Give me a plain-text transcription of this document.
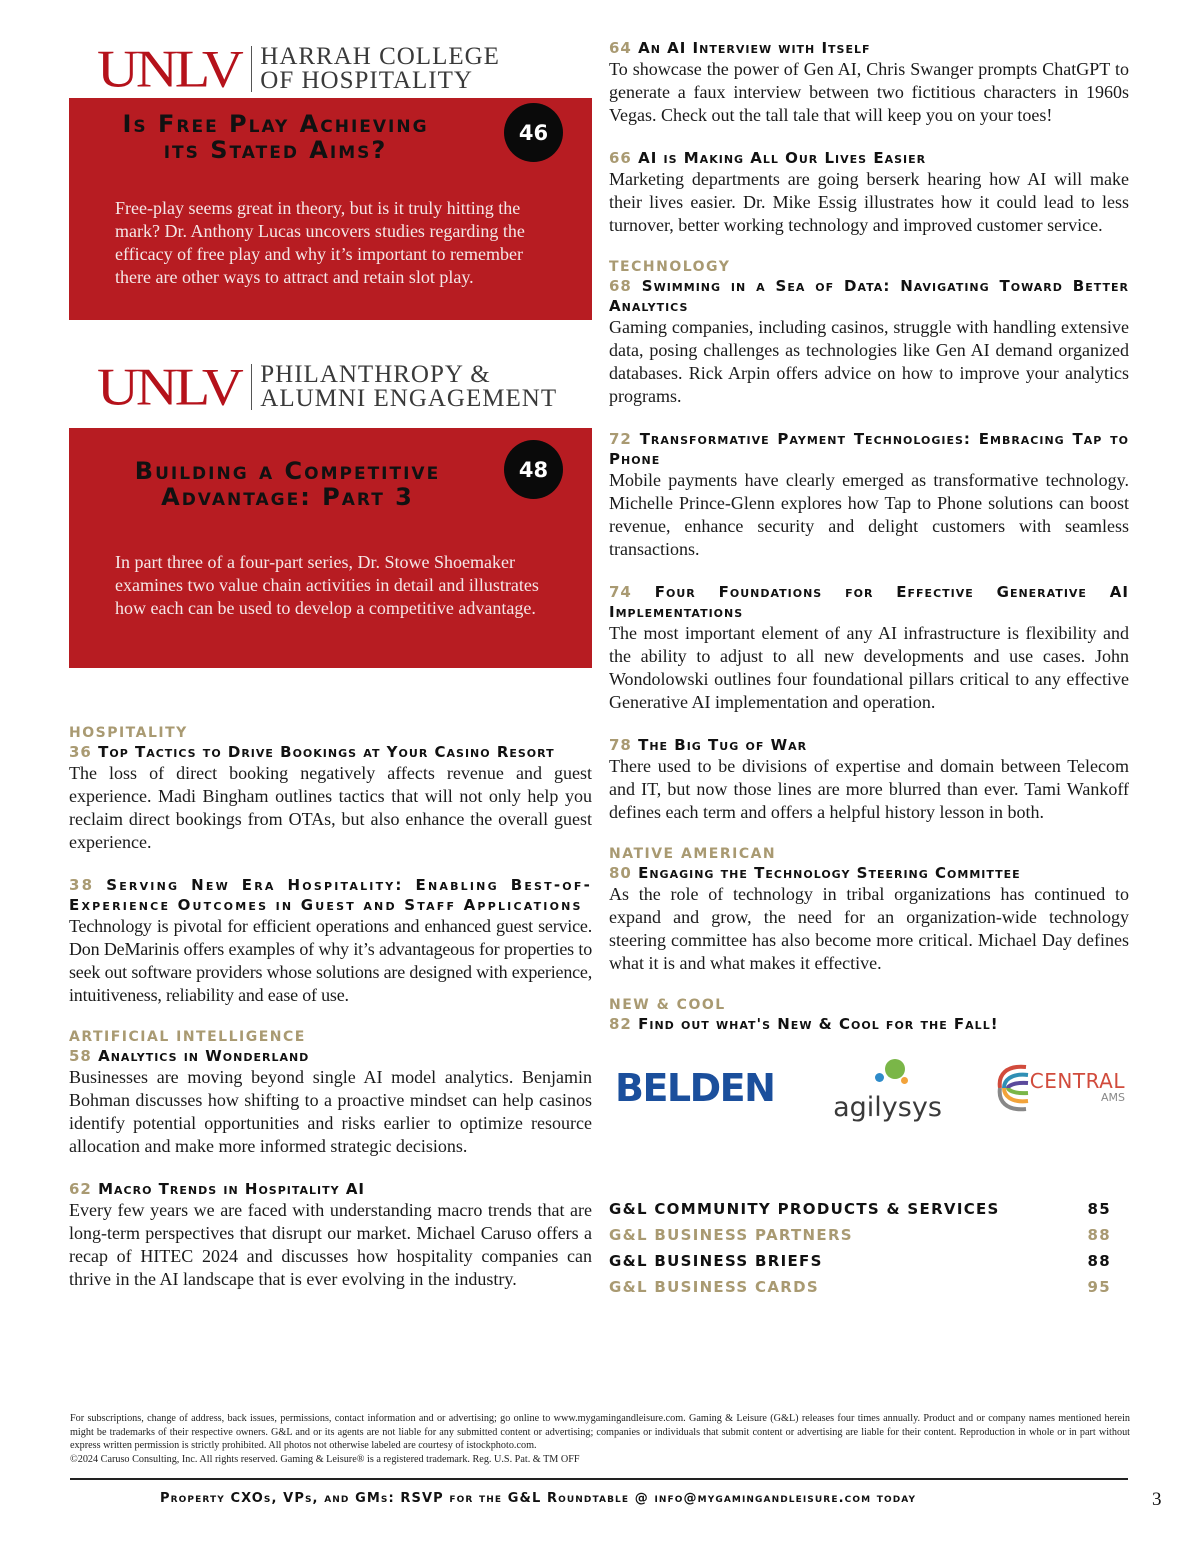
UNLV HARRAH COLLEGE
OF HOSPITALITY
Is Free Play Achieving
its Stated Aims?
46
Free-play seems great in theory, but is it truly hitting the mark? Dr. Anthony Lucas uncovers studies regarding the efficacy of free play and why it’s important to remember there are other ways to attract and retain slot play.
UNLV PHILANTHROPY &
ALUMNI ENGAGEMENT
Building a Competitive
Advantage: Part 3
48
In part three of a four-part series, Dr. Stowe Shoemaker examines two value chain activities in detail and illustrates how each can be used to develop a competitive advantage.
HOSPITALITY
36 Top Tactics to Drive Bookings at Your Casino Resort
The loss of direct booking negatively affects revenue and guest experience. Madi Bingham outlines tactics that will not only help you reclaim direct bookings from OTAs, but also enhance the overall guest experience.
38 Serving New Era Hospitality: Enabling Best-of-Experience Outcomes in Guest and Staff Applications
Technology is pivotal for efficient operations and enhanced guest service. Don DeMarinis offers examples of why it’s advantageous for properties to seek out software providers whose solutions are designed with experience, intuitiveness, reliability and ease of use.
ARTIFICIAL INTELLIGENCE
58 Analytics in Wonderland
Businesses are moving beyond single AI model analytics. Benjamin Bohman discusses how shifting to a proactive mindset can help casinos identify potential opportunities and risks earlier to optimize resource allocation and make more informed strategic decisions.
62 Macro Trends in Hospitality AI
Every few years we are faced with understanding macro trends that are long-term perspectives that disrupt our market. Michael Caruso offers a recap of HITEC 2024 and discusses how hospitality companies can thrive in the AI landscape that is ever evolving in the industry.
64 An AI Interview with Itself
To showcase the power of Gen AI, Chris Swanger prompts ChatGPT to generate a faux interview between two fictitious characters in 1960s Vegas. Check out the tall tale that will keep you on your toes!
66 AI is Making All Our Lives Easier
Marketing departments are going berserk hearing how AI will make their lives easier. Dr. Mike Essig illustrates how it could lead to less turnover, better working technology and improved customer service.
TECHNOLOGY
68 Swimming in a Sea of Data: Navigating Toward Better Analytics
Gaming companies, including casinos, struggle with handling extensive data, posing challenges as technologies like Gen AI demand organized databases. Rick Arpin offers advice on how to improve your analytics programs.
72 Transformative Payment Technologies: Embracing Tap to Phone
Mobile payments have clearly emerged as transformative technology. Michelle Prince-Glenn explores how Tap to Phone solutions can boost revenue, enhance security and delight customers with seamless transactions.
74 Four Foundations for Effective Generative AI Implementations
The most important element of any AI infrastructure is flexibility and the ability to adjust to all new developments and use cases. John Wondolowski outlines four foundational pillars critical to any effective Generative AI implementation and operation.
78 The Big Tug of War
There used to be divisions of expertise and domain between Telecom and IT, but now those lines are more blurred than ever. Tami Wankoff defines each term and offers a helpful history lesson in both.
NATIVE AMERICAN
80 Engaging the Technology Steering Committee
As the role of technology in tribal organizations has continued to expand and grow, the need for an organization-wide technology steering committee has also become more critical. Michael Day defines what it is and what makes it effective.
NEW & COOL
82 Find out what's New & Cool for the Fall!
BELDEN agilysys
CENTRAL
AMS
G&L COMMUNITY PRODUCTS & SERVICES	85
G&L BUSINESS PARTNERS	88
G&L BUSINESS BRIEFS	88
G&L BUSINESS CARDS	95
For subscriptions, change of address, back issues, permissions, contact information and or advertising; go online to www.mygamingandleisure.com. Gaming & Leisure (G&L) releases four times annually. Product and or company names mentioned herein might be trademarks of their respective owners. G&L and or its agents are not liable for any submitted content or advertising; companies or individuals that submit content or advertising are liable for their content. Reproduction in whole or in part without express written permission is strictly prohibited. All photos not otherwise labeled are courtesy of istockphoto.com.
©2024 Caruso Consulting, Inc. All rights reserved. Gaming & Leisure® is a registered trademark. Reg. U.S. Pat. & TM OFF
Property CXOs, VPs, and GMs: RSVP for the G&L Roundtable @ info@mygamingandleisure.com today	3
